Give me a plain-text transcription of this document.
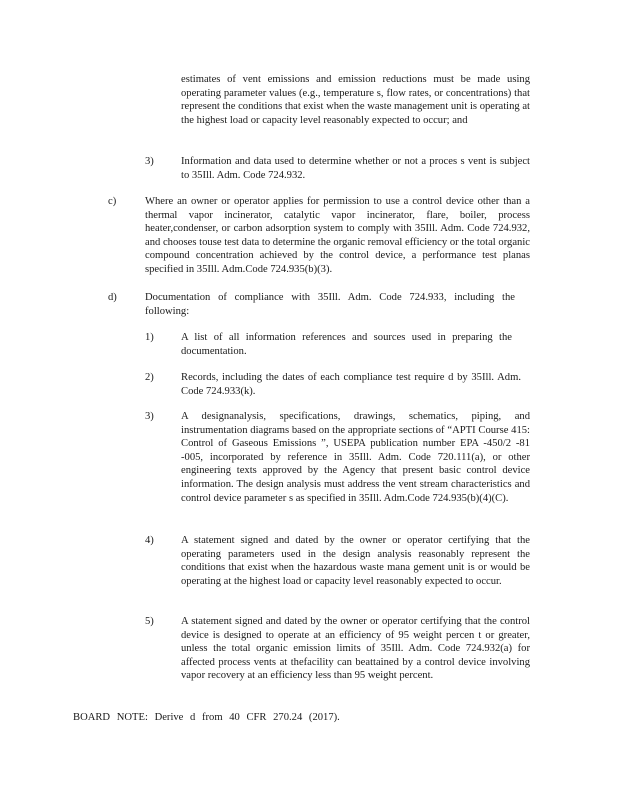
estimates of vent emissions and emission reductions must be made using operating parameter values (e.g., temperature s, flow rates, or concentrations) that represent the conditions that exist when the waste management unit is operating at the highest load or capacity level reasonably expected to occur; and

3)	Information and data used to determine whether or not a proces s vent is subject to 35Ill. Adm. Code 724.932.

c)	Where an owner or operator applies for permission to use a control device other than a thermal vapor incinerator, catalytic vapor incinerator, flare, boiler, process heater,condenser, or carbon adsorption system to comply with 35Ill. Adm. Code 724.932, and chooses touse test data to determine the organic removal efficiency or the total organic compound concentration achieved by the control device, a performance test planas specified in 35Ill. Adm.Code 724.935(b)(3).

d)	Documentation of compliance with 35Ill. Adm. Code 724.933, including the following:

1)	A list of all information references and sources used in preparing the documentation.

2)	Records, including the dates of each compliance test require d by 35Ill. Adm. Code 724.933(k).

3)	A designanalysis, specifications, drawings, schematics, piping, and instrumentation diagrams based on the appropriate sections of “APTI Course 415: Control of Gaseous Emissions ”, USEPA publication number EPA -450/2 -81 -005, incorporated by reference in 35Ill. Adm. Code 720.111(a), or other engineering texts approved by the Agency that present basic control device information. The design analysis must address the vent stream characteristics and control device parameter s as specified in 35Ill. Adm.Code 724.935(b)(4)(C).

4)	A statement signed and dated by the owner or operator certifying that the operating parameters used in the design analysis reasonably represent the conditions that exist when the hazardous waste mana gement unit is or would be operating at the highest load or capacity level reasonably expected to occur.

5)	A statement signed and dated by the owner or operator certifying that the control device is designed to operate at an efficiency of 95 weight percen t or greater, unless the total organic emission limits of 35Ill. Adm. Code 724.932(a) for affected process vents at thefacility can beattained by a control device involving vapor recovery at an efficiency less than 95 weight percent.

BOARD NOTE: Derive d from 40 CFR 270.24 (2017).
